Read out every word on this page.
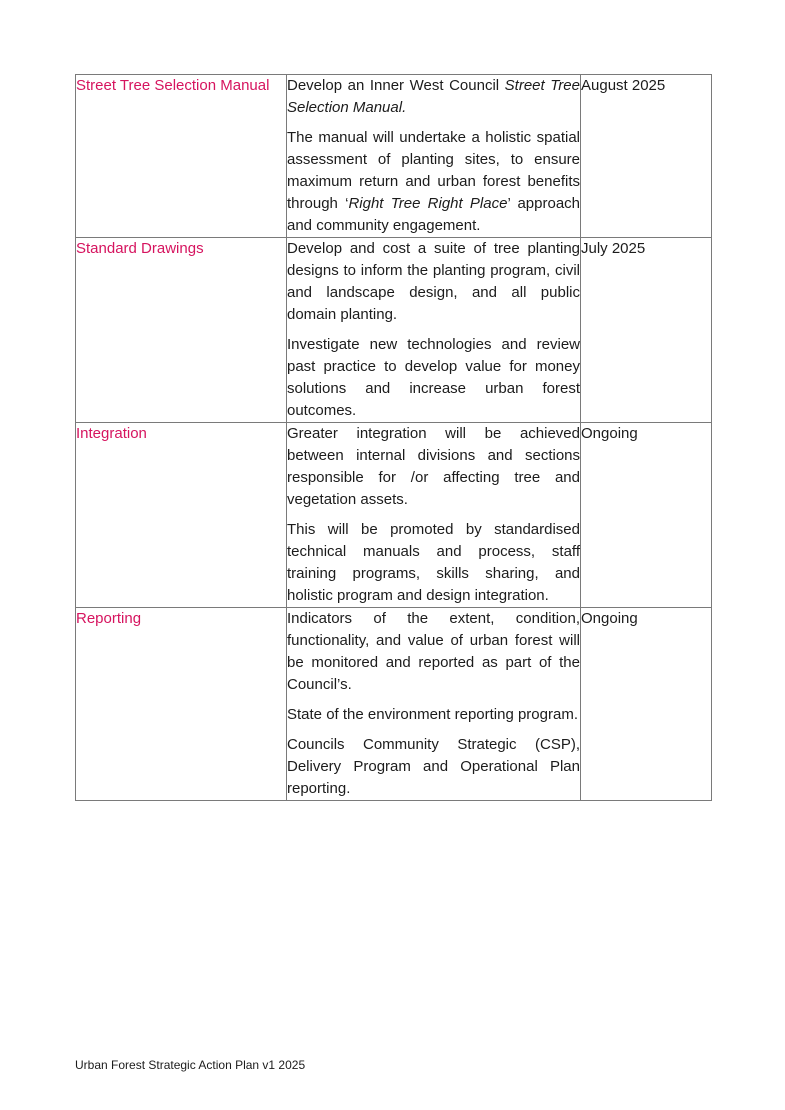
Street Tree Selection Manual	Develop an Inner West Council Street Tree Selection Manual.
The manual will undertake a holistic spatial assessment of planting sites, to ensure maximum return and urban forest benefits through ‘Right Tree Right Place’ approach and community engagement.	August 2025

Standard Drawings	Develop and cost a suite of tree planting designs to inform the planting program, civil and landscape design, and all public domain planting.
Investigate new technologies and review past practice to develop value for money solutions and increase urban forest outcomes.	July 2025

Integration	Greater integration will be achieved between internal divisions and sections responsible for /or affecting tree and vegetation assets.
This will be promoted by standardised technical manuals and process, staff training programs, skills sharing, and holistic program and design integration.	Ongoing

Reporting	Indicators of the extent, condition, functionality, and value of urban forest will be monitored and reported as part of the Council’s.
State of the environment reporting program.
Councils Community Strategic (CSP), Delivery Program and Operational Plan reporting.	Ongoing
Urban Forest Strategic Action Plan v1 2025
